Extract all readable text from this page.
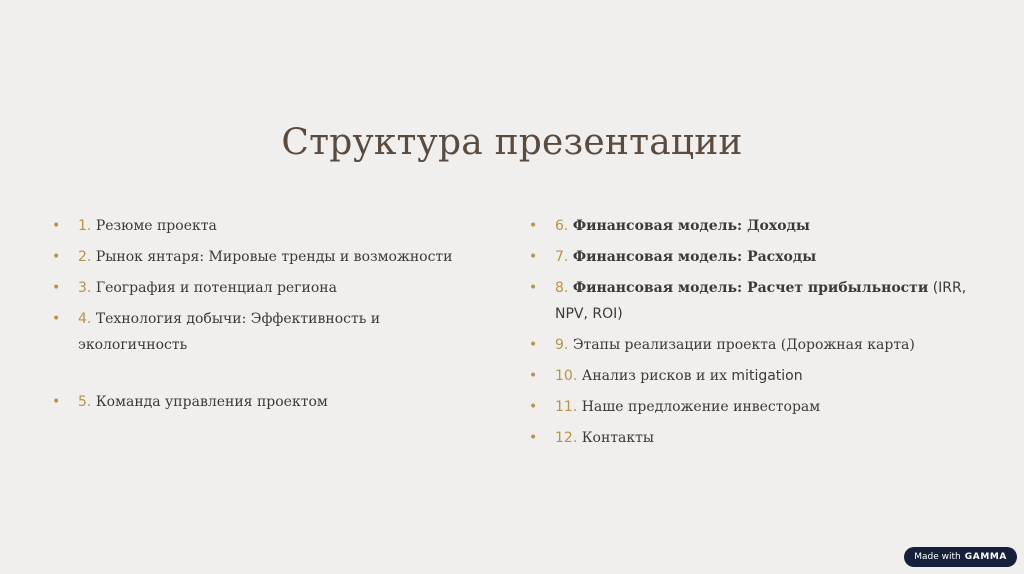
Структура презентации
•	1. Резюме проекта
•	2. Рынок янтаря: Мировые тренды и возможности
•	3. География и потенциал региона
•	4. Технология добычи: Эффективность и экологичность
•	5. Команда управления проектом
•	6. Финансовая модель: Доходы
•	7. Финансовая модель: Расходы
•	8. Финансовая модель: Расчет прибыльности (IRR, NPV, ROI)
•	9. Этапы реализации проекта (Дорожная карта)
•	10. Анализ рисков и их mitigation
•	11. Наше предложение инвесторам
•	12. Контакты
Made with GAMMA
